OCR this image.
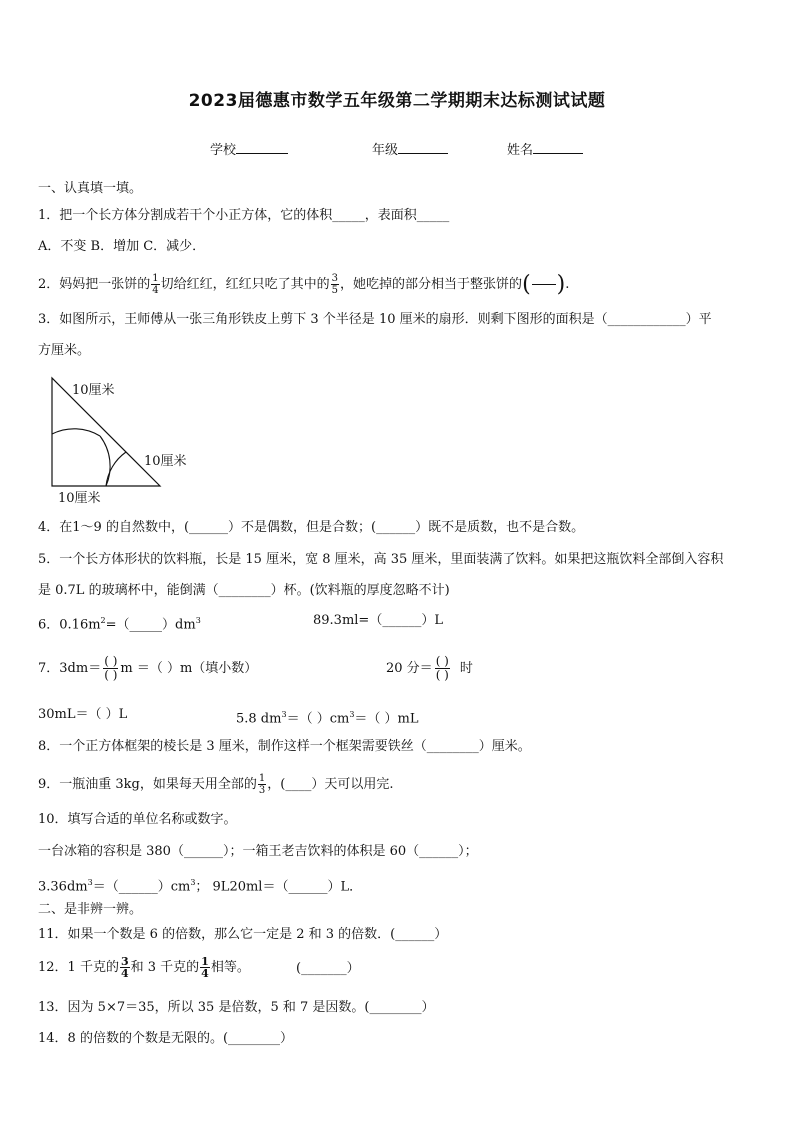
2023届德惠市数学五年级第二学期期末达标测试试题
学校	年级	姓名
一、认真填一填。
1．把一个长方体分割成若干个小正方体，它的体积_____，表面积_____
A．不变 B．增加 C．减少．
2．妈妈把一张饼的 $\frac{1}{4}$ 切给红红，红红只吃了其中的 $\frac{3}{5}$ ，她吃掉的部分相当于整张饼的( ).
3．如图所示，王师傅从一张三角形铁皮上剪下 3 个半径是 10 厘米的扇形．则剩下图形的面积是（____________）平
方厘米。
10厘米
10厘米
10厘米
4．在1～9 的自然数中，(______）不是偶数，但是合数；(______）既不是质数，也不是合数。
5．一个长方体形状的饮料瓶，长是 15 厘米，宽 8 厘米，高 35 厘米，里面装满了饮料。如果把这瓶饮料全部倒入容积
是 0.7L 的玻璃杯中，能倒满（________）杯。(饮料瓶的厚度忽略不计)
6．$0.16m^2=(\_\_\_\_\_)dm^3$	89.3ml=（______）L
7．$3dm= \frac{( )}{( )}$ m ＝（ ）m（填小数）	20 分＝ $\frac{( )}{( )}$ 时
30mL＝（ ）L	5.8 $dm^3=$（ ）$cm^3=$（ ）mL
8．一个正方体框架的棱长是 3 厘米，制作这样一个框架需要铁丝（________）厘米。
9．一瓶油重 3kg，如果每天用全部的 $\frac{1}{3}$ ，(____）天可以用完.
10．填写合适的单位名称或数字。
一台冰箱的容积是 380（______）；一箱王老吉饮料的体积是 60（______）；
$3.36dm^3=(\_\_\_\_\_\_)cm^3$； 9L20ml＝（______）L．
二、是非辨一辨。
11．如果一个数是 6 的倍数，那么它一定是 2 和 3 的倍数．(______）
12．1 千克的 $\frac{3}{4}$ 和 3 千克的 $\frac{1}{4}$ 相等。	(_______）
13．因为 5×7＝35，所以 35 是倍数，5 和 7 是因数。(________）
14．8 的倍数的个数是无限的。(________）
